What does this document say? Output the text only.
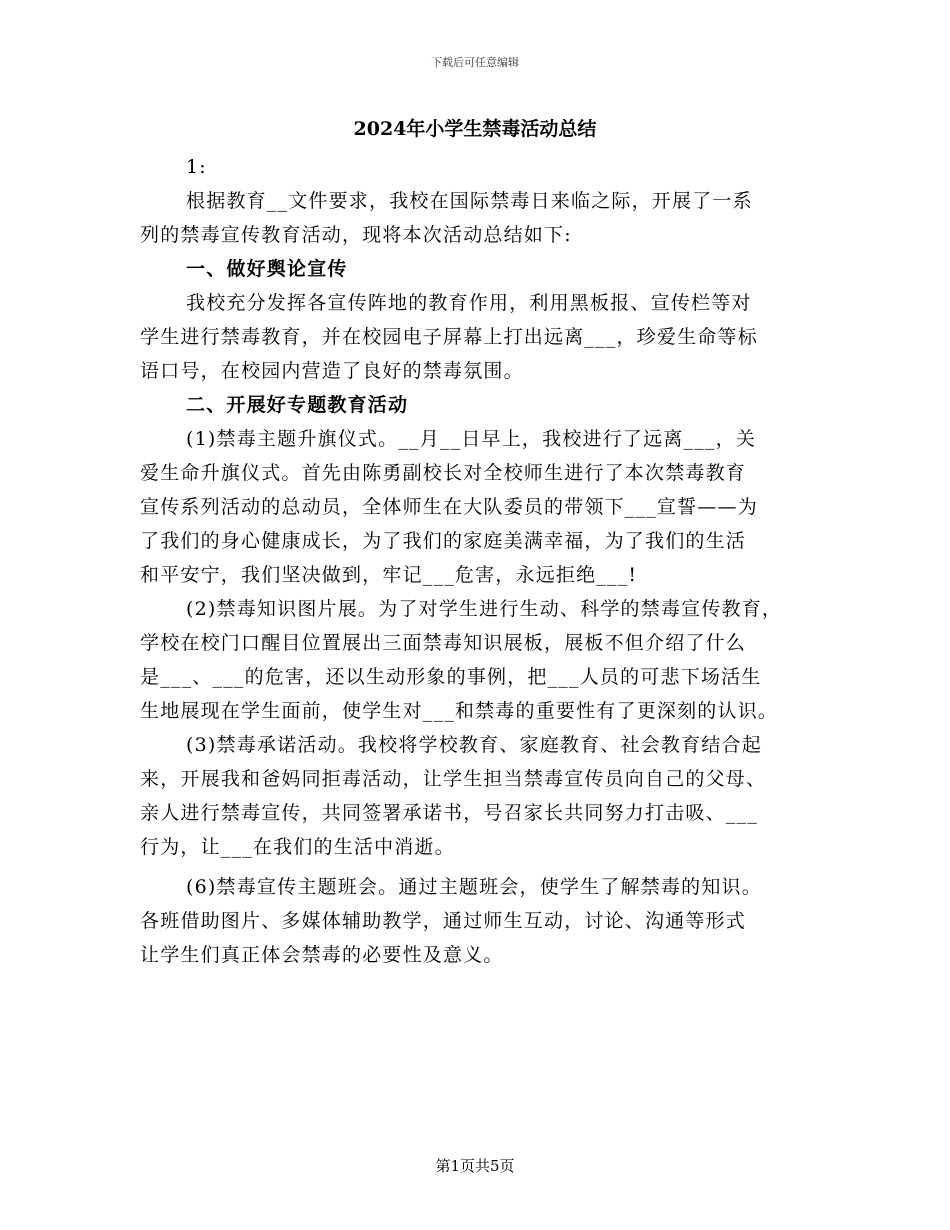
下载后可任意编辑
2024年小学生禁毒活动总结
1:
根据教育__文件要求，我校在国际禁毒日来临之际，开展了一系
列的禁毒宣传教育活动，现将本次活动总结如下:
一、做好舆论宣传
我校充分发挥各宣传阵地的教育作用，利用黑板报、宣传栏等对
学生进行禁毒教育，并在校园电子屏幕上打出远离___，珍爱生命等标
语口号，在校园内营造了良好的禁毒氛围。
二、开展好专题教育活动
(1)禁毒主题升旗仪式。__月__日早上，我校进行了远离___，关
爱生命升旗仪式。首先由陈勇副校长对全校师生进行了本次禁毒教育
宣传系列活动的总动员，全体师生在大队委员的带领下___宣誓——为
了我们的身心健康成长，为了我们的家庭美满幸福，为了我们的生活
和平安宁，我们坚决做到，牢记___危害，永远拒绝___!
(2)禁毒知识图片展。为了对学生进行生动、科学的禁毒宣传教育，
学校在校门口醒目位置展出三面禁毒知识展板，展板不但介绍了什么
是___、___的危害，还以生动形象的事例，把___人员的可悲下场活生
生地展现在学生面前，使学生对___和禁毒的重要性有了更深刻的认识。
(3)禁毒承诺活动。我校将学校教育、家庭教育、社会教育结合起
来，开展我和爸妈同拒毒活动，让学生担当禁毒宣传员向自己的父母、
亲人进行禁毒宣传，共同签署承诺书，号召家长共同努力打击吸、___
行为，让___在我们的生活中消逝。
(6)禁毒宣传主题班会。通过主题班会，使学生了解禁毒的知识。
各班借助图片、多媒体辅助教学，通过师生互动，讨论、沟通等形式
让学生们真正体会禁毒的必要性及意义。
第1页共5页
